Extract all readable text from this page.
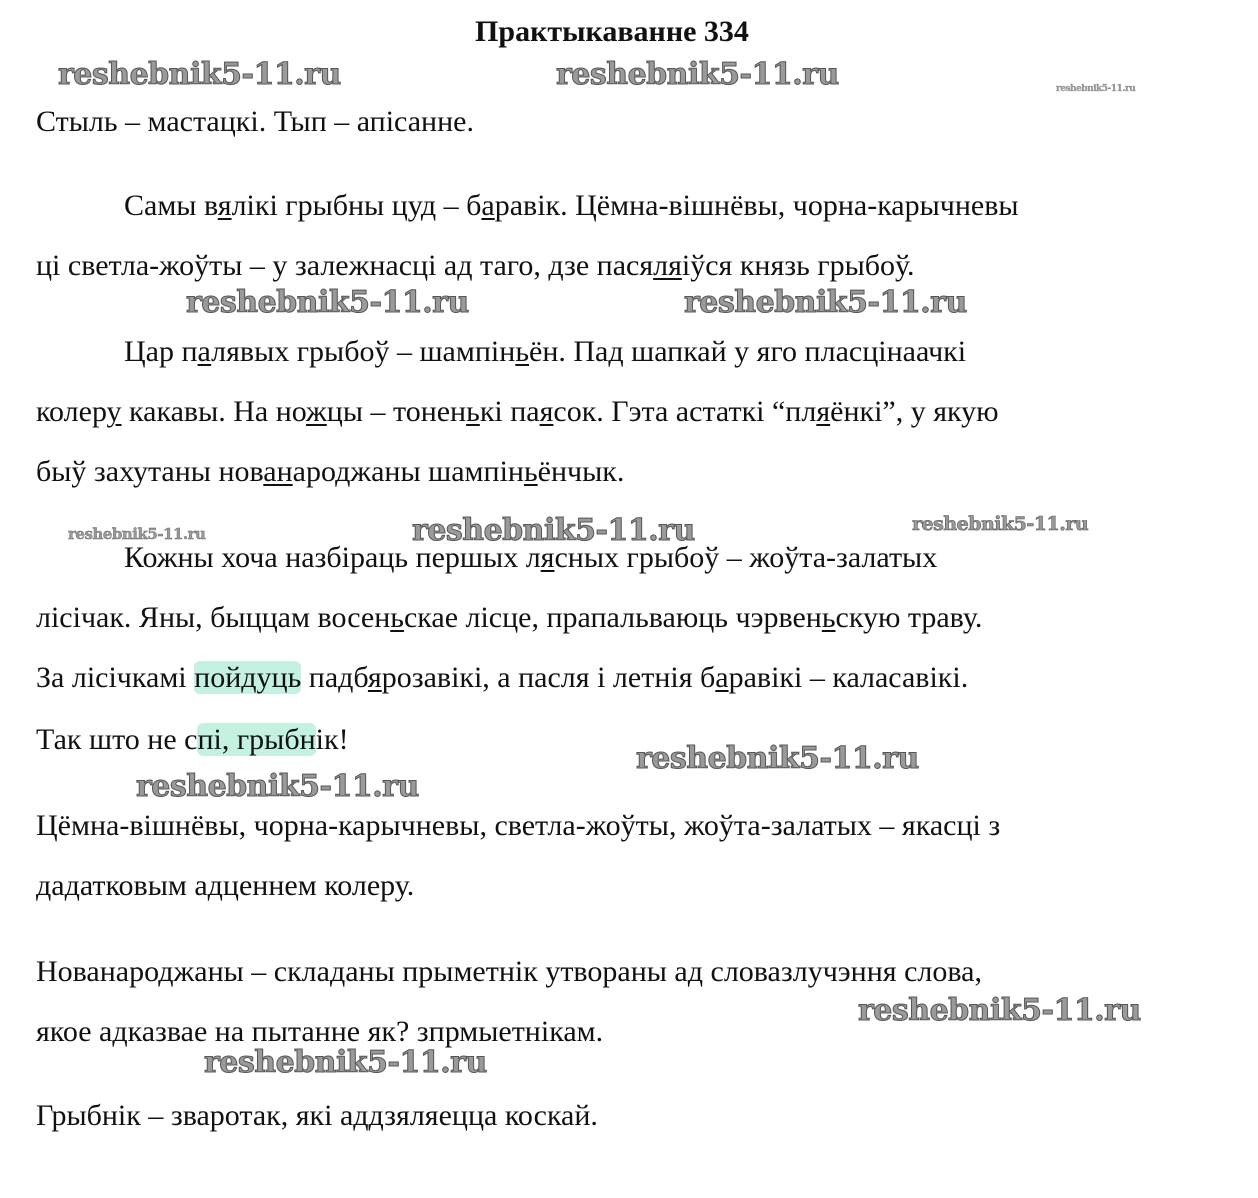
Практыкаванне 334
reshebnik5-11.ru	reshebnik5-11.ru	reshebnik5-11.ru
reshebnik5-11.ru	reshebnik5-11.ru
reshebnik5-11.ru	reshebnik5-11.ru	reshebnik5-11.ru
reshebnik5-11.ru
reshebnik5-11.ru
reshebnik5-11.ru
reshebnik5-11.ru
Стыль – мастацкі. Тып – апісанне.
Самы вялікі грыбны цуд – баравік. Цёмна-вішнёвы, чорна-карычневы
ці светла-жоўты – у залежнасці ад таго, дзе пасяляіўся князь грыбоў.
Цар палявых грыбоў – шампіньён. Пад шапкай у яго пласцінаачкі
колеру какавы. На ножцы – тоненькі паясок. Гэта астаткі “пляёнкі”, у якую
быў захутаны нованароджаны шампіньёнчык.
Кожны хоча назбіраць першых лясных грыбоў – жоўта-залатых
лісічак. Яны, быццам восеньскае лісце, прапальваюць чэрвеньскую траву.
За лісічкамі пойдуць падбярозавікі, а пасля і летнія баравікі – каласавікі.
Так што не спі, грыбнік!
Цёмна-вішнёвы, чорна-карычневы, светла-жоўты, жоўта-залатых – якасці з
дадатковым адценнем колеру.
Нованароджаны – складаны прыметнік утвораны ад словазлучэння слова,
якое адказвае на пытанне як? зпрмыетнікам.
Грыбнік – зваротак, які аддзяляецца коскай.
